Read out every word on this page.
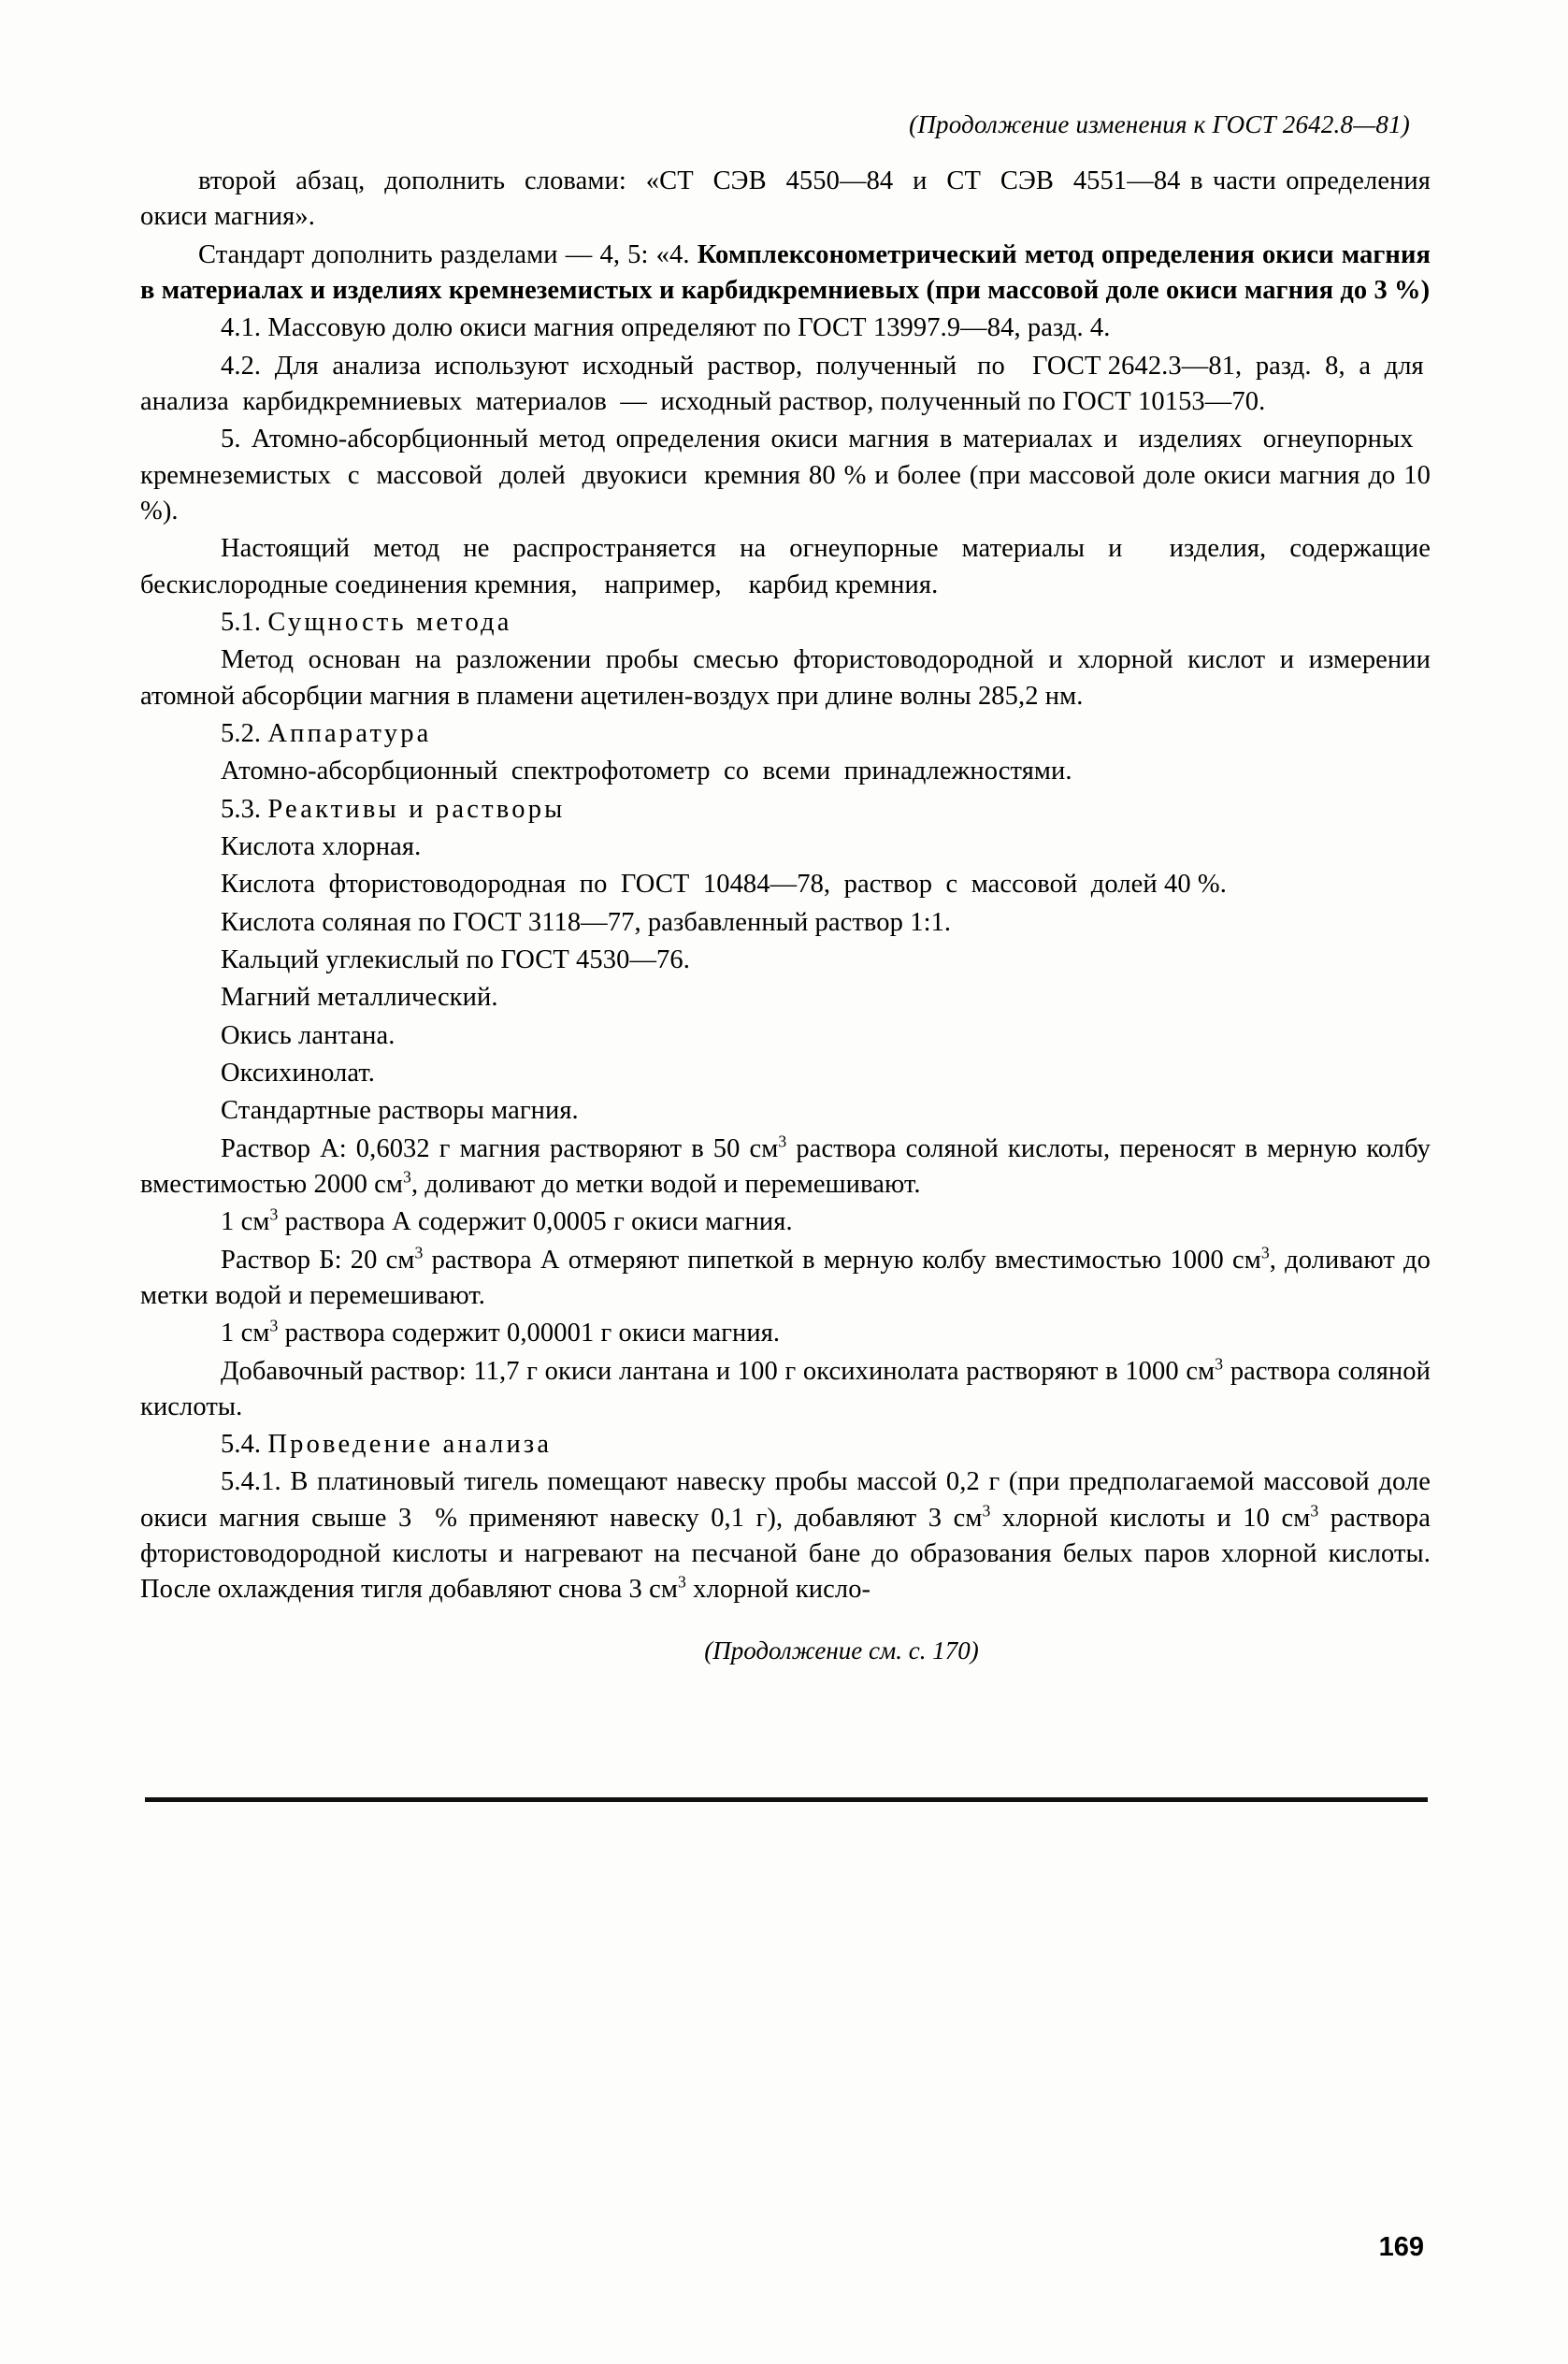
(Продолжение изменения к ГОСТ 2642.8—81)

второй  абзац,  дополнить  словами:  «СТ  СЭВ  4550—84  и  СТ  СЭВ  4551—84 в части определения окиси магния».

Стандарт дополнить разделами — 4, 5: «4. Комплексонометрический метод определения окиси магния в материалах и изделиях кремнеземистых и карбидкремниевых (при массовой доле окиси магния до 3 %)

4.1. Массовую долю окиси магния определяют по ГОСТ 13997.9—84, разд. 4.

4.2.  Для  анализа  используют  исходный  раствор,  полученный   по    ГОСТ 2642.3—81,  разд.  8,  а  для  анализа  карбидкремниевых  материалов  —  исходный раствор, полученный по ГОСТ 10153—70.

5. Атомно-абсорбционный метод определения окиси магния в материалах и  изделиях  огнеупорных   кремнеземистых  с  массовой  долей  двуокиси  кремния 80 % и более (при массовой доле окиси магния до 10 %).

Настоящий метод не распространяется на огнеупорные материалы и  изделия, содержащие бескислородные соединения кремния,    например,    карбид кремния.

5.1. Сущность метода

Метод основан на разложении пробы смесью фтористоводородной и хлорной кислот и измерении атомной абсорбции магния в пламени ацетилен-воздух при длине волны 285,2 нм.

5.2. Аппаратура

Атомно-абсорбционный  спектрофотометр  со  всеми  принадлежностями.

5.3. Реактивы и растворы

Кислота хлорная.

Кислота  фтористоводородная  по  ГОСТ  10484—78,  раствор  с  массовой  долей 40 %.

Кислота соляная по ГОСТ 3118—77, разбавленный раствор 1:1.

Кальций углекислый по ГОСТ 4530—76.

Магний металлический.

Окись лантана.

Оксихинолат.

Стандартные растворы магния.

Раствор А: 0,6032 г магния растворяют в 50 $см^3$ раствора соляной кислоты, переносят в мерную колбу вместимостью 2000 $см^3$, доливают до метки водой и перемешивают.

1 $см^3$ раствора А содержит 0,0005 г окиси магния.

Раствор Б: 20 $см^3$ раствора А отмеряют пипеткой в мерную колбу вместимостью 1000 $см^3$, доливают до метки водой и перемешивают.

1 $см^3$ раствора содержит 0,00001 г окиси магния.

Добавочный раствор: 11,7 г окиси лантана и 100 г оксихинолата растворяют в 1000 $см^3$ раствора соляной кислоты.

5.4. Проведение анализа

5.4.1. В платиновый тигель помещают навеску пробы массой 0,2 г (при предполагаемой массовой доле окиси магния свыше 3  % применяют навеску 0,1 г), добавляют 3 $см^3$ хлорной кислоты и 10 $см^3$ раствора фтористоводородной кислоты и нагревают на песчаной бане до образования белых паров хлорной кислоты. После охлаждения тигля добавляют снова 3 $см^3$ хлорной кисло-

(Продолжение см. с. 170)
169
